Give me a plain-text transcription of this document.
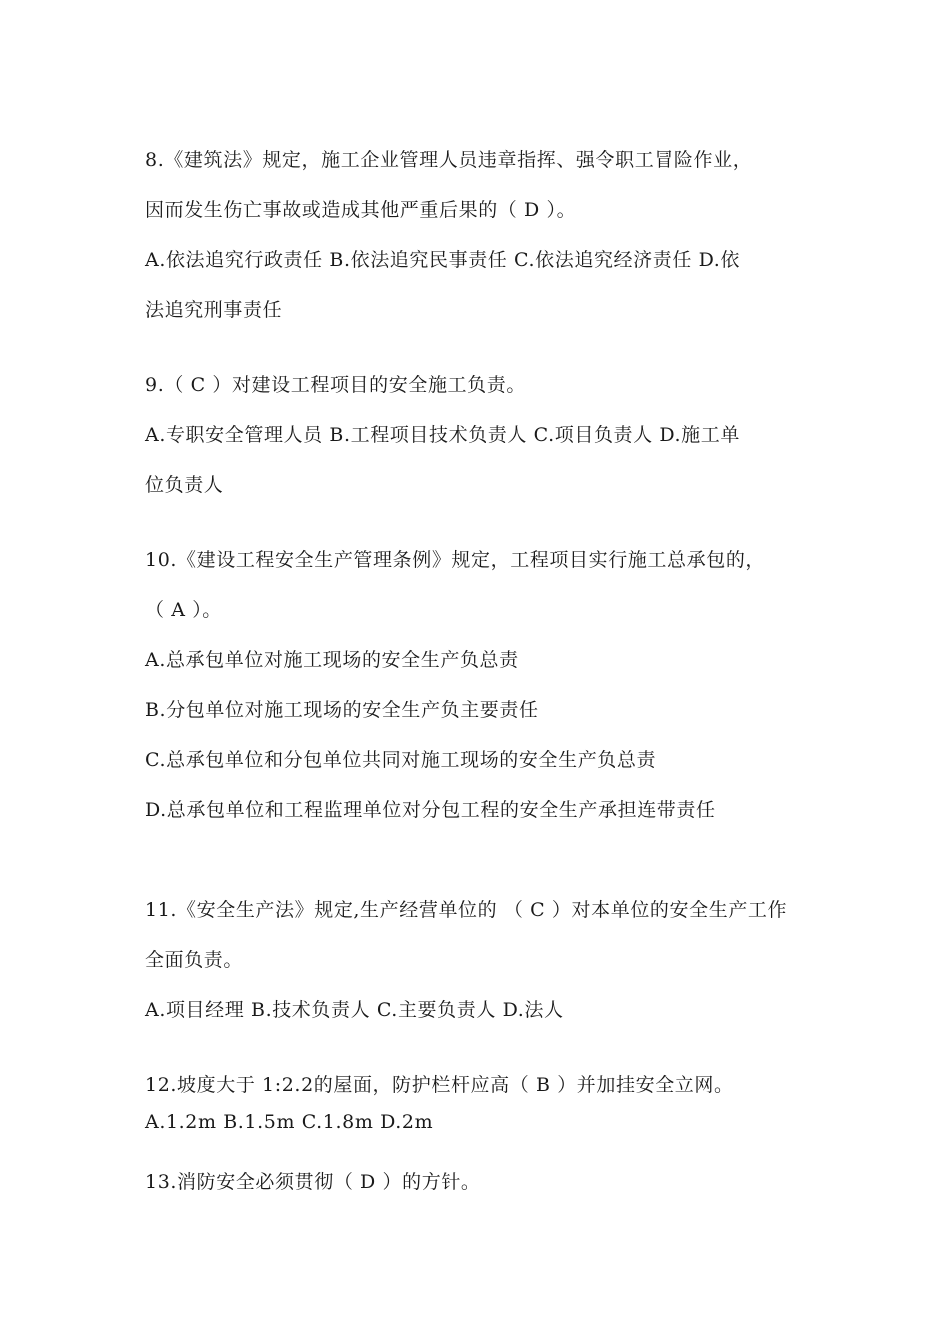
8.《建筑法》规定，施工企业管理人员违章指挥、强令职工冒险作业，
因而发生伤亡事故或造成其他严重后果的（ D ）。
A.依法追究行政责任 B.依法追究民事责任 C.依法追究经济责任 D.依
法追究刑事责任
9.（ C ）对建设工程项目的安全施工负责。
A.专职安全管理人员 B.工程项目技术负责人 C.项目负责人 D.施工单
位负责人
10.《建设工程安全生产管理条例》规定，工程项目实行施工总承包的，
（ A ）。
A.总承包单位对施工现场的安全生产负总责
B.分包单位对施工现场的安全生产负主要责任
C.总承包单位和分包单位共同对施工现场的安全生产负总责
D.总承包单位和工程监理单位对分包工程的安全生产承担连带责任
11.《安全生产法》规定,生产经营单位的 （ C ）对本单位的安全生产工作
全面负责。
A.项目经理 B.技术负责人 C.主要负责人 D.法人
12.坡度大于 1:2.2的屋面，防护栏杆应高（ B ）并加挂安全立网。
A.1.2m B.1.5m C.1.8m D.2m
13.消防安全必须贯彻（ D ）的方针。
